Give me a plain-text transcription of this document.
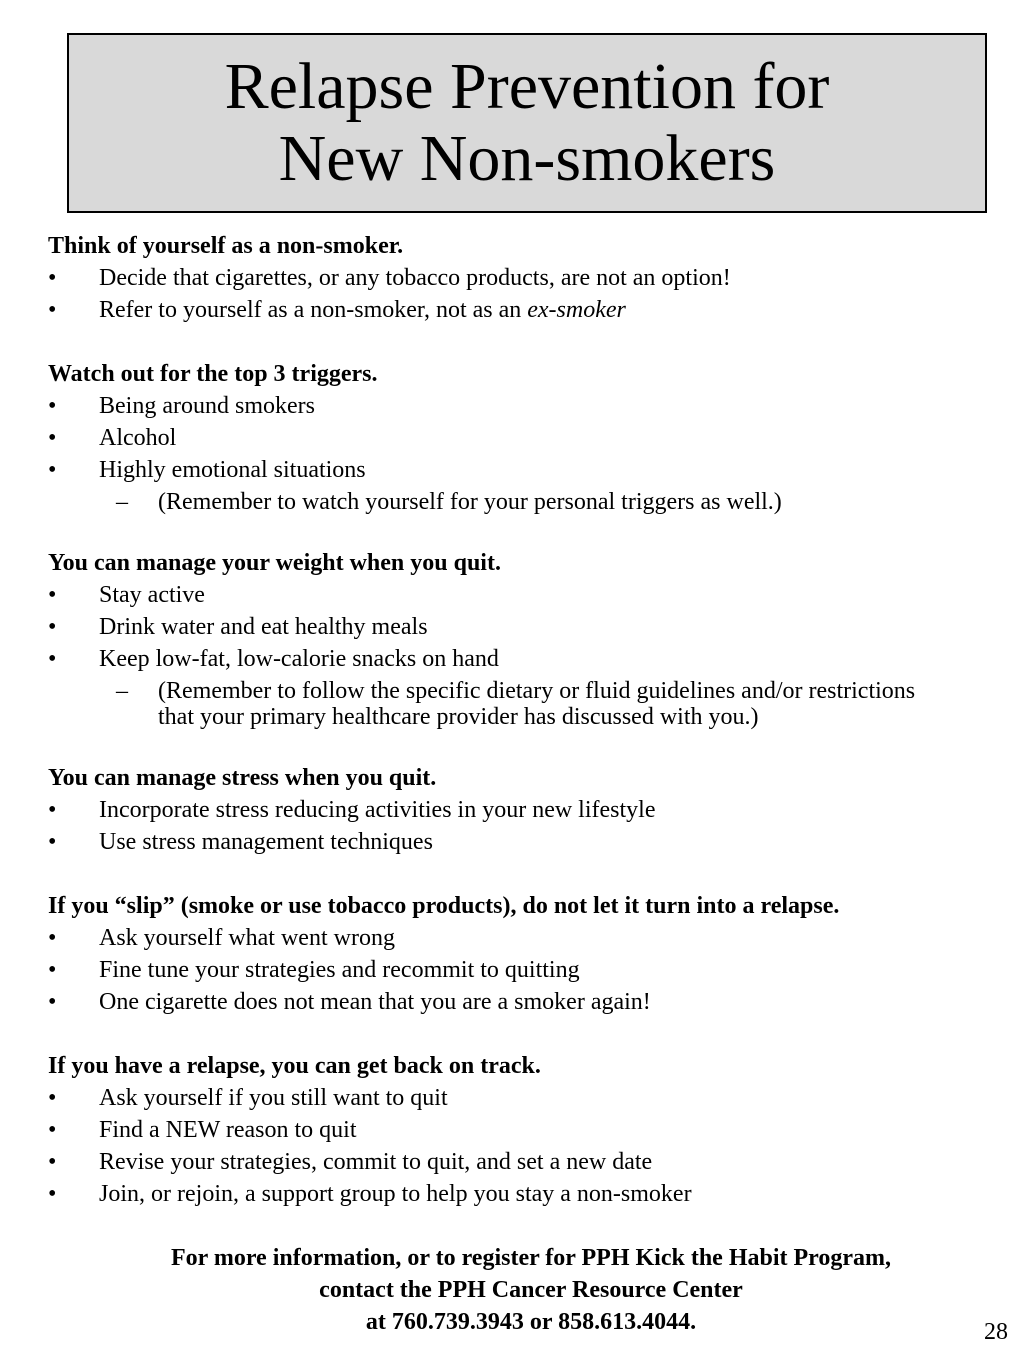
Relapse Prevention for
New Non-smokers
Think of yourself as a non-smoker.
•	Decide that cigarettes, or any tobacco products, are not an option!
•	Refer to yourself as a non-smoker, not as an ex-smoker
Watch out for the top 3 triggers.
•	Being around smokers
•	Alcohol
•	Highly emotional situations
–	(Remember to watch yourself for your personal triggers as well.)
You can manage your weight when you quit.
•	Stay active
•	Drink water and eat healthy meals
•	Keep low-fat, low-calorie snacks on hand
–	(Remember to follow the specific dietary or fluid guidelines and/or restrictions
that your primary healthcare provider has discussed with you.)
You can manage stress when you quit.
•	Incorporate stress reducing activities in your new lifestyle
•	Use stress management techniques
If you “slip” (smoke or use tobacco products), do not let it turn into a relapse.
•	Ask yourself what went wrong
•	Fine tune your strategies and recommit to quitting
•	One cigarette does not mean that you are a smoker again!
If you have a relapse, you can get back on track.
•	Ask yourself if you still want to quit
•	Find a NEW reason to quit
•	Revise your strategies, commit to quit, and set a new date
•	Join, or rejoin, a support group to help you stay a non-smoker
For more information, or to register for PPH Kick the Habit Program,
contact the PPH Cancer Resource Center
at 760.739.3943 or 858.613.4044.	28
